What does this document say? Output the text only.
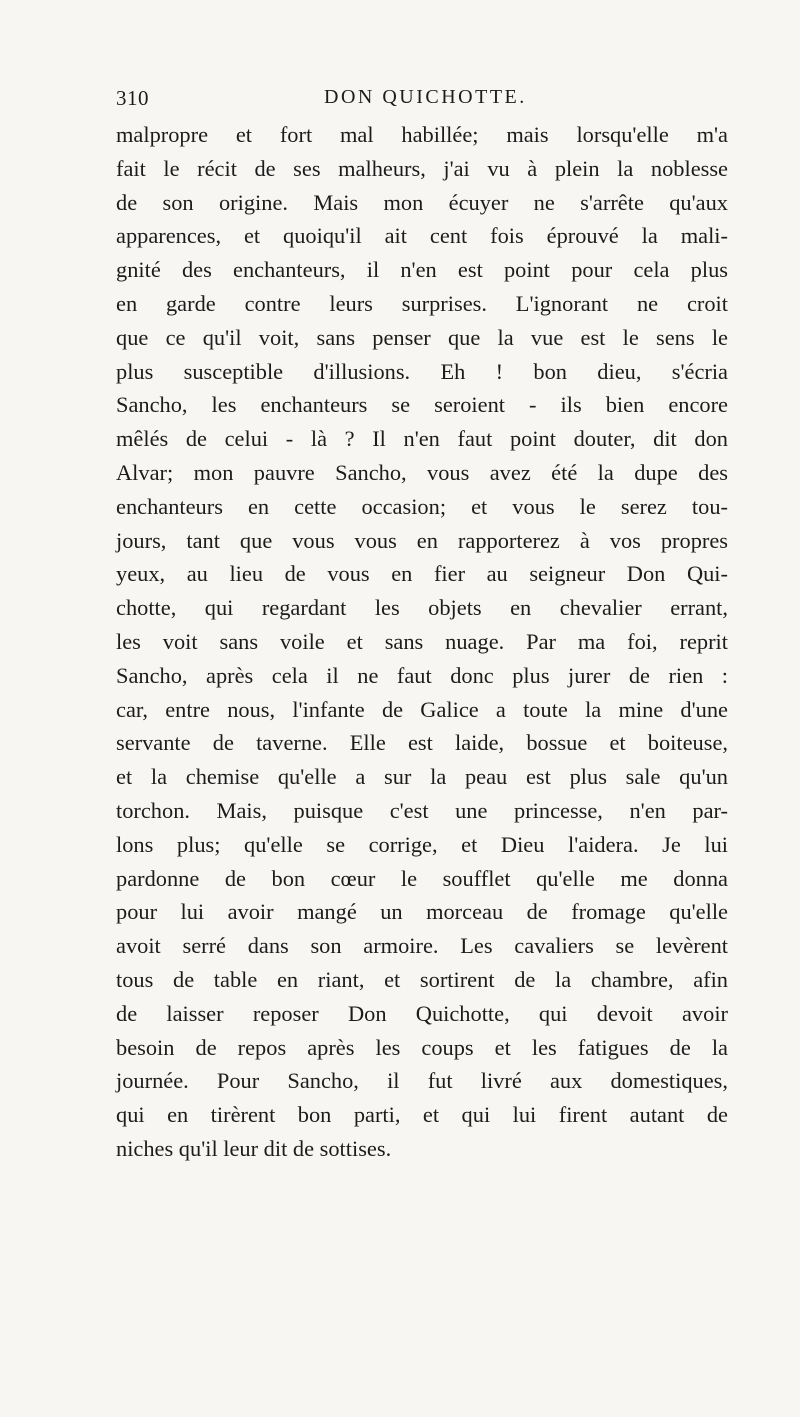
310	DON QUICHOTTE.
malpropre et fort mal habillée; mais lorsqu'elle m'a
fait le récit de ses malheurs, j'ai vu à plein la noblesse
de son origine. Mais mon écuyer ne s'arrête qu'aux
apparences, et quoiqu'il ait cent fois éprouvé la mali-
gnité des enchanteurs, il n'en est point pour cela plus
en garde contre leurs surprises. L'ignorant ne croit
que ce qu'il voit, sans penser que la vue est le sens le
plus susceptible d'illusions. Eh ! bon dieu, s'écria
Sancho, les enchanteurs se seroient - ils bien encore
mêlés de celui - là ? Il n'en faut point douter, dit don
Alvar; mon pauvre Sancho, vous avez été la dupe des
enchanteurs en cette occasion; et vous le serez tou-
jours, tant que vous vous en rapporterez à vos propres
yeux, au lieu de vous en fier au seigneur Don Qui-
chotte, qui regardant les objets en chevalier errant,
les voit sans voile et sans nuage. Par ma foi, reprit
Sancho, après cela il ne faut donc plus jurer de rien :
car, entre nous, l'infante de Galice a toute la mine d'une
servante de taverne. Elle est laide, bossue et boiteuse,
et la chemise qu'elle a sur la peau est plus sale qu'un
torchon. Mais, puisque c'est une princesse, n'en par-
lons plus; qu'elle se corrige, et Dieu l'aidera. Je lui
pardonne de bon cœur le soufflet qu'elle me donna
pour lui avoir mangé un morceau de fromage qu'elle
avoit serré dans son armoire. Les cavaliers se levèrent
tous de table en riant, et sortirent de la chambre, afin
de laisser reposer Don Quichotte, qui devoit avoir
besoin de repos après les coups et les fatigues de la
journée. Pour Sancho, il fut livré aux domestiques,
qui en tirèrent bon parti, et qui lui firent autant de
niches qu'il leur dit de sottises.
